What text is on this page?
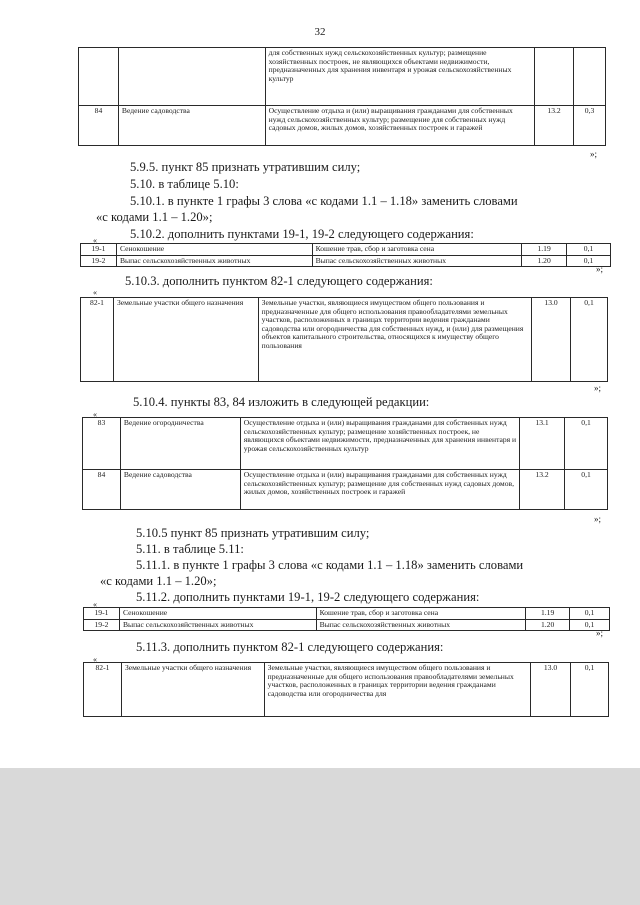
32
		для собственных нужд сельскохозяйственных культур; размещение хозяйственных построек, не являющихся объектами недвижимости, предназначенных для хранения инвентаря и урожая сельскохозяйственных культур		
84	Ведение садоводства	Осуществление отдыха и (или) выращивания гражданами для собственных нужд сельскохозяйственных культур; размещение для собственных нужд садовых домов, жилых домов, хозяйственных построек и гаражей	13.2	0,3
»;
5.9.5. пункт 85 признать утратившим силу;
5.10. в таблице 5.10:
5.10.1. в пункте 1 графы 3 слова «с кодами 1.1 – 1.18» заменить словами
«с кодами 1.1 – 1.20»;
5.10.2. дополнить пунктами 19-1, 19-2 следующего содержания:
«
19-1	Сенокошение	Кошение трав, сбор и заготовка сена	1.19	0,1
19-2	Выпас сельскохозяйственных животных	Выпас сельскохозяйственных животных	1.20	0,1
»;
5.10.3. дополнить пунктом 82-1 следующего содержания:
«
82-1	Земельные участки общего назначения	Земельные участки, являющиеся имуществом общего пользования и предназначенные для общего использования правообладателями земельных участков, расположенных в границах территории ведения гражданами садоводства или огородничества для собственных нужд, и (или) для размещения объектов капитального строительства, относящихся к имуществу общего пользования	13.0	0,1
»;
5.10.4. пункты 83, 84 изложить в следующей редакции:
«
83	Ведение огородничества	Осуществление отдыха и (или) выращивания гражданами для собственных нужд сельскохозяйственных культур; размещение хозяйственных построек, не являющихся объектами недвижимости, предназначенных для хранения инвентаря и урожая сельскохозяйственных культур	13.1	0,1
84	Ведение садоводства	Осуществление отдыха и (или) выращивания гражданами для собственных нужд сельскохозяйственных культур; размещение для собственных нужд садовых домов, жилых домов, хозяйственных построек и гаражей	13.2	0,1
»;
5.10.5 пункт 85 признать утратившим силу;
5.11. в таблице 5.11:
5.11.1. в пункте 1 графы 3 слова «с кодами 1.1 – 1.18» заменить словами
«с кодами 1.1 – 1.20»;
5.11.2. дополнить пунктами 19-1, 19-2 следующего содержания:
«
19-1	Сенокошение	Кошение трав, сбор и заготовка сена	1.19	0,1
19-2	Выпас сельскохозяйственных животных	Выпас сельскохозяйственных животных	1.20	0,1
»;
5.11.3. дополнить пунктом 82-1 следующего содержания:
«
82-1	Земельные участки общего назначения	Земельные участки, являющиеся имуществом общего пользования и предназначенные для общего использования правообладателями земельных участков, расположенных в границах территории ведения гражданами садоводства или огородничества для	13.0	0,1
